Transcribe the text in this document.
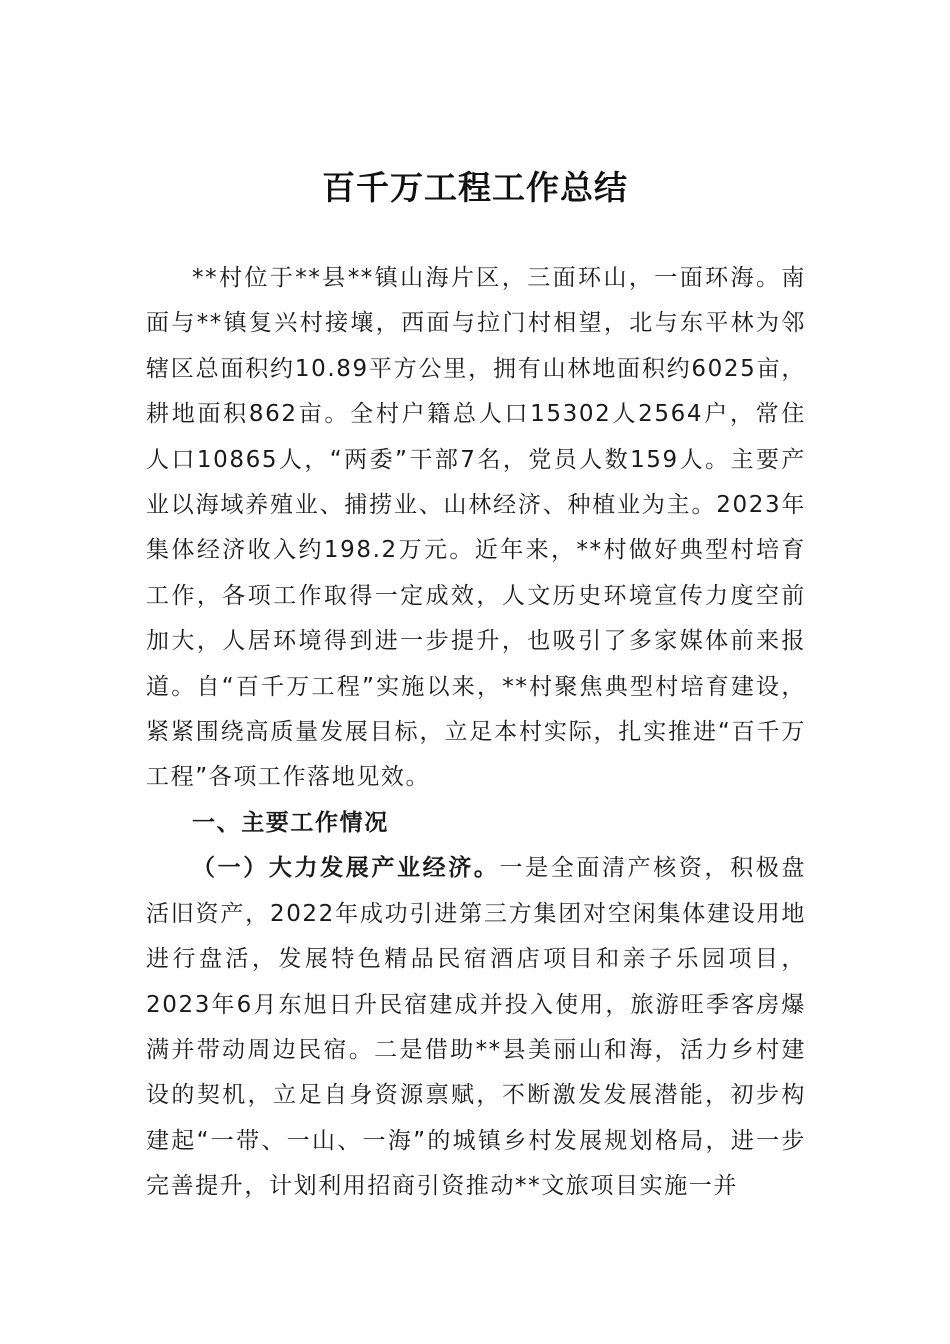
百千万工程工作总结

**村位于**县**镇山海片区，三面环山，一面环海。南面与**镇复兴村接壤，西面与拉门村相望，北与东平林为邻辖区总面积约10.89平方公里，拥有山林地面积约6025亩，耕地面积862亩。全村户籍总人口15302人2564户，常住人口10865人，“两委”干部7名，党员人数159人。主要产业以海域养殖业、捕捞业、山林经济、种植业为主。2023年集体经济收入约198.2万元。近年来，**村做好典型村培育工作，各项工作取得一定成效，人文历史环境宣传力度空前加大，人居环境得到进一步提升，也吸引了多家媒体前来报道。自“百千万工程”实施以来，**村聚焦典型村培育建设，紧紧围绕高质量发展目标，立足本村实际，扎实推进“百千万工程”各项工作落地见效。

一、主要工作情况

（一）大力发展产业经济。一是全面清产核资，积极盘活旧资产，2022年成功引进第三方集团对空闲集体建设用地进行盘活，发展特色精品民宿酒店项目和亲子乐园项目，2023年6月东旭日升民宿建成并投入使用，旅游旺季客房爆满并带动周边民宿。二是借助**县美丽山和海，活力乡村建设的契机，立足自身资源禀赋，不断激发发展潜能，初步构建起“一带、一山、一海”的城镇乡村发展规划格局，进一步完善提升，计划利用招商引资推动**文旅项目实施一并
